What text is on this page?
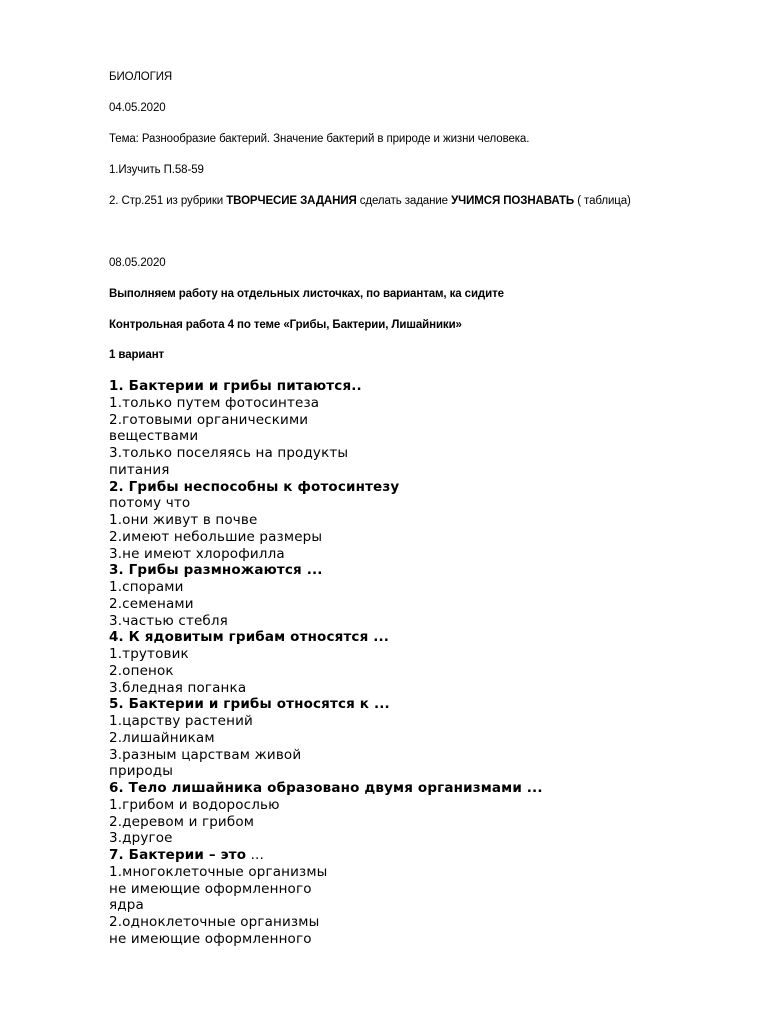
БИОЛОГИЯ
04.05.2020
Тема: Разнообразие бактерий. Значение бактерий в природе и жизни человека.
1.Изучить П.58-59
2. Стр.251 из рубрики ТВОРЧЕСИЕ ЗАДАНИЯ сделать задание УЧИМСЯ ПОЗНАВАТЬ ( таблица)
08.05.2020
Выполняем работу на отдельных листочках, по вариантам, ка сидите
Контрольная работа 4 по теме «Грибы, Бактерии, Лишайники»
1 вариант
1. Бактерии и грибы питаются..
1.только путем фотосинтеза
2.готовыми органическими
веществами
3.только поселяясь на продукты
питания
2. Грибы неспособны к фотосинтезу
потому что
1.они живут в почве
2.имеют небольшие размеры
3.не имеют хлорофилла
3. Грибы размножаются ...
1.спорами
2.семенами
3.частью стебля
4. К ядовитым грибам относятся ...
1.трутовик
2.опенок
3.бледная поганка
5. Бактерии и грибы относятся к ...
1.царству растений
2.лишайникам
3.разным царствам живой
природы
6. Тело лишайника образовано двумя организмами ...
1.грибом и водорослью
2.деревом и грибом
3.другое
7. Бактерии – это ...
1.многоклеточные организмы
не имеющие оформленного
ядра
2.одноклеточные организмы
не имеющие оформленного
